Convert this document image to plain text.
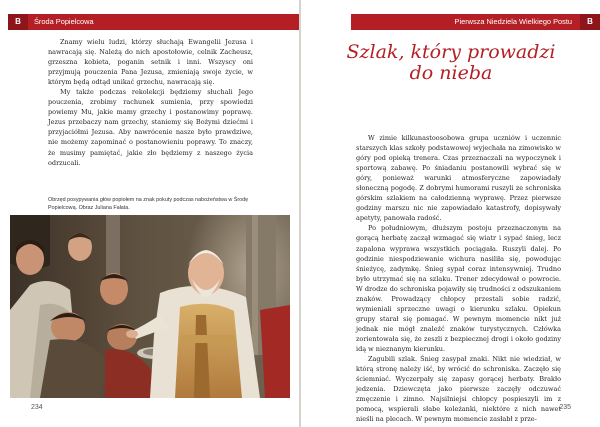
B	Środa Popielcowa

Znamy wielu ludzi, którzy słuchają Ewangelii Jezusa i nawracają się. Należą do nich apostołowie, celnik Zacheusz, grzeszna kobieta, poganin setnik i inni. Wszyscy oni przyjmują pouczenia Pana Jezusa, zmieniają swoje życie, w którym będą odtąd unikać grzechu, nawracają się.

My także podczas rekolekcji będziemy słuchali Jego pouczenia, zrobimy rachunek sumienia, przy spowiedzi powiemy Mu, jakie mamy grzechy i postanowimy poprawę. Jezus przebaczy nam grzechy, staniemy się Bożymi dziećmi i przyjaciółmi Jezusa. Aby nawrócenie nasze było prawdziwe, nie możemy zapominać o postanowieniu poprawy. To znaczy, że musimy pamiętać, jakie zło będziemy z naszego życia odrzucali.

Obrzęd posypywania głów popiołem na znak pokuty podczas nabożeństwa w Środę Popielcową. Obraz Juliana Fałata.
234
Pierwsza Niedziela Wielkiego Postu	B
Szlak, który prowadzi
do nieba

W zimie kilkunastoosobowa grupa uczniów i uczennic starszych klas szkoły podstawowej wyjechała na zimowisko w góry pod opieką trenera. Czas przeznaczali na wypoczynek i sportową zabawę. Po śniadaniu postanowili wybrać się w góry, ponieważ warunki atmosferyczne zapowiadały słoneczną pogodę. Z dobrymi humorami ruszyli ze schroniska górskim szlakiem na całodzienną wyprawę. Przez pierwsze godziny marszu nic nie zapowiadało katastrofy, dopisywały apetyty, panowała radość.

Po południowym, dłuższym postoju przeznaczonym na gorącą herbatę zaczął wzmagać się wiatr i sypać śnieg, lecz zapalona wyprawa wszystkich pociągała. Ruszyli dalej. Po godzinie niespodziewanie wichura nasiliła się, powodując śnieżycę, zadymkę. Śnieg sypał coraz intensywniej. Trudno było utrzymać się na szlaku. Trener zdecydował o powrocie. W drodze do schroniska pojawiły się trudności z odszukaniem znaków. Prowadzący chłopcy przestali sobie radzić, wymieniali sprzeczne uwagi o kierunku szlaku. Opiekun grupy starał się pomagać. W pewnym momencie nikt już jednak nie mógł znaleźć znaków turystycznych. Człówka zorientowała się, że zeszli z bezpiecznej drogi i około godziny idą w nieznanym kierunku.

Zagubili szlak. Śnieg zasypał znaki. Nikt nie wiedział, w którą stronę należy iść, by wrócić do schroniska. Zaczęło się ściemniać. Wyczerpały się zapasy gorącej herbaty. Brakło jedzenia. Dziewczęta jako pierwsze zaczęły odczuwać zmęczenie i zimno. Najsilniejsi chłopcy pospieszyli im z pomocą, wspierali słabe koleżanki, niektóre z nich nawet nieśli na plecach. W pewnym momencie zasłabł z prze-

235
